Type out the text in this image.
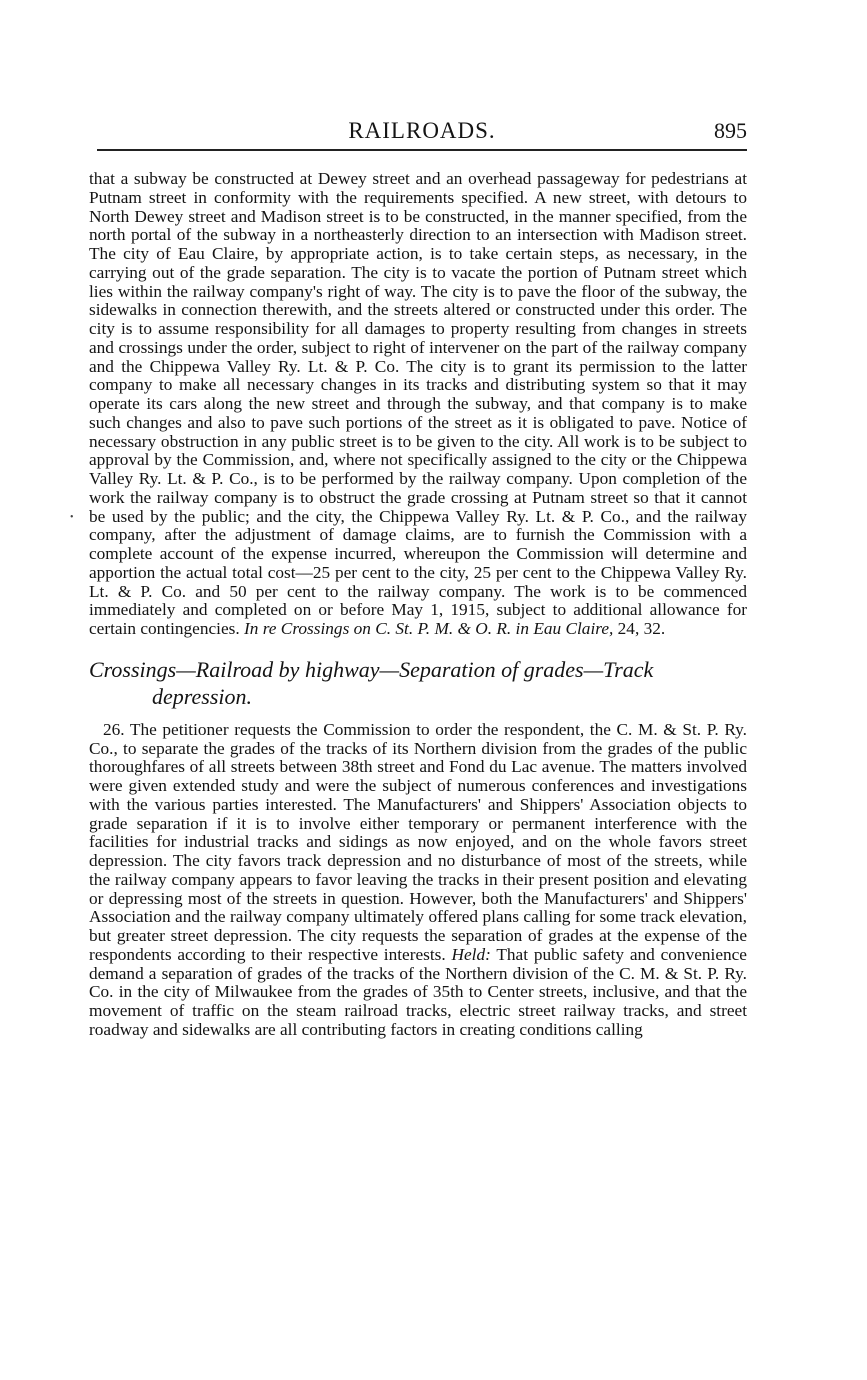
RAILROADS.	895
•

that a subway be constructed at Dewey street and an overhead passageway for pedestrians at Putnam street in conformity with the requirements specified. A new street, with detours to North Dewey street and Madison street is to be constructed, in the manner specified, from the north portal of the subway in a northeasterly direction to an intersection with Madison street. The city of Eau Claire, by appropriate action, is to take certain steps, as necessary, in the carrying out of the grade separation. The city is to vacate the portion of Putnam street which lies within the railway company's right of way. The city is to pave the floor of the subway, the sidewalks in connection therewith, and the streets altered or constructed under this order. The city is to assume responsibility for all damages to property resulting from changes in streets and crossings under the order, subject to right of intervener on the part of the railway company and the Chippewa Valley Ry. Lt. & P. Co. The city is to grant its permission to the latter company to make all necessary changes in its tracks and distributing system so that it may operate its cars along the new street and through the subway, and that company is to make such changes and also to pave such portions of the street as it is obligated to pave. Notice of necessary obstruction in any public street is to be given to the city. All work is to be subject to approval by the Commission, and, where not specifically assigned to the city or the Chippewa Valley Ry. Lt. & P. Co., is to be performed by the railway company. Upon completion of the work the railway company is to obstruct the grade crossing at Putnam street so that it cannot be used by the public; and the city, the Chippewa Valley Ry. Lt. & P. Co., and the railway company, after the adjustment of damage claims, are to furnish the Commission with a complete account of the expense incurred, whereupon the Commission will determine and apportion the actual total cost—25 per cent to the city, 25 per cent to the Chippewa Valley Ry. Lt. & P. Co. and 50 per cent to the railway company. The work is to be commenced immediately and completed on or before May 1, 1915, subject to additional allowance for certain contingencies. In re Crossings on C. St. P. M. & O. R. in Eau Claire, 24, 32.

Crossings—Railroad by highway—Separation of grades—Track depression.

26. The petitioner requests the Commission to order the respondent, the C. M. & St. P. Ry. Co., to separate the grades of the tracks of its Northern division from the grades of the public thoroughfares of all streets between 38th street and Fond du Lac avenue. The matters involved were given extended study and were the subject of numerous conferences and investigations with the various parties interested. The Manufacturers' and Shippers' Association objects to grade separation if it is to involve either temporary or permanent interference with the facilities for industrial tracks and sidings as now enjoyed, and on the whole favors street depression. The city favors track depression and no disturbance of most of the streets, while the railway company appears to favor leaving the tracks in their present position and elevating or depressing most of the streets in question. However, both the Manufacturers' and Shippers' Association and the railway company ultimately offered plans calling for some track elevation, but greater street depression. The city requests the separation of grades at the expense of the respondents according to their respective interests. Held: That public safety and convenience demand a separation of grades of the tracks of the Northern division of the C. M. & St. P. Ry. Co. in the city of Milwaukee from the grades of 35th to Center streets, inclusive, and that the movement of traffic on the steam railroad tracks, electric street railway tracks, and street roadway and sidewalks are all contributing factors in creating conditions calling
